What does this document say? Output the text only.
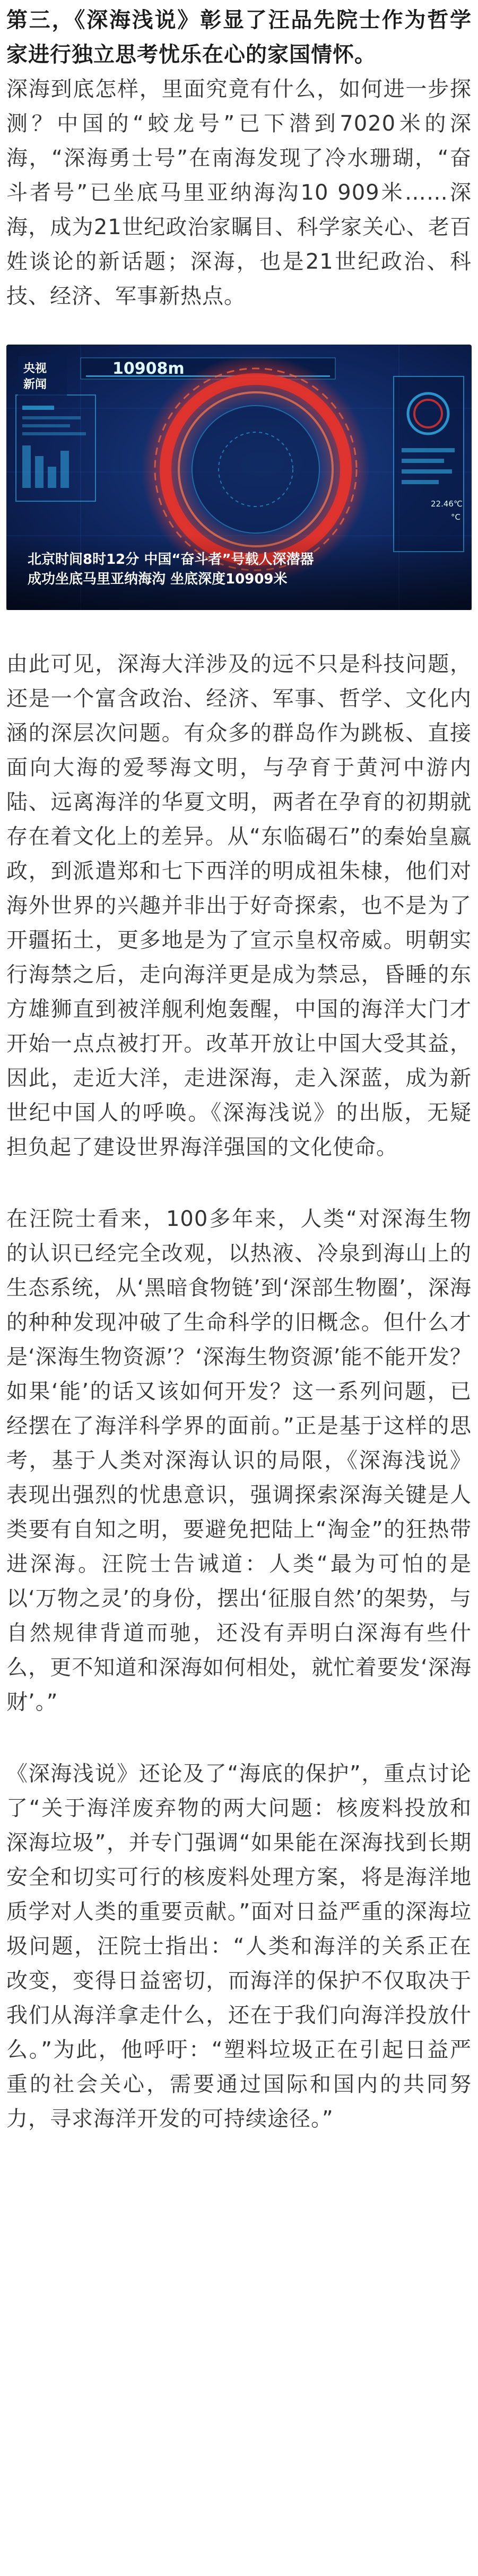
第三，《深海浅说》彰显了汪品先院士作为哲学家进行独立思考忧乐在心的家国情怀。

深海到底怎样，里面究竟有什么，如何进一步探测？中国的“蛟龙号”已下潜到7020米的深海，“深海勇士号”在南海发现了冷水珊瑚，“奋斗者号”已坐底马里亚纳海沟10 909米……深海，成为21世纪政治家瞩目、科学家关心、老百姓谈论的新话题；深海，也是21世纪政治、科技、经济、军事新热点。

10908m
22.46℃
°C
央视
新闻
北京时间8时12分 中国“奋斗者”号载人深潜器
成功坐底马里亚纳海沟 坐底深度10909米

由此可见，深海大洋涉及的远不只是科技问题，还是一个富含政治、经济、军事、哲学、文化内涵的深层次问题。有众多的群岛作为跳板、直接面向大海的爱琴海文明，与孕育于黄河中游内陆、远离海洋的华夏文明，两者在孕育的初期就存在着文化上的差异。从“东临碣石”的秦始皇嬴政，到派遣郑和七下西洋的明成祖朱棣，他们对海外世界的兴趣并非出于好奇探索，也不是为了开疆拓土，更多地是为了宣示皇权帝威。明朝实行海禁之后，走向海洋更是成为禁忌，昏睡的东方雄狮直到被洋舰利炮轰醒，中国的海洋大门才开始一点点被打开。改革开放让中国大受其益，因此，走近大洋，走进深海，走入深蓝，成为新世纪中国人的呼唤。《深海浅说》的出版，无疑担负起了建设世界海洋强国的文化使命。

在汪院士看来，100多年来，人类“对深海生物的认识已经完全改观，以热液、冷泉到海山上的生态系统，从‘黑暗食物链’到‘深部生物圈’，深海的种种发现冲破了生命科学的旧概念。但什么才是‘深海生物资源’？‘深海生物资源’能不能开发？如果‘能’的话又该如何开发？这一系列问题，已经摆在了海洋科学界的面前。”正是基于这样的思考，基于人类对深海认识的局限，《深海浅说》表现出强烈的忧患意识，强调探索深海关键是人类要有自知之明，要避免把陆上“淘金”的狂热带进深海。汪院士告诫道：人类“最为可怕的是以‘万物之灵’的身份，摆出‘征服自然’的架势，与自然规律背道而驰，还没有弄明白深海有些什么，更不知道和深海如何相处，就忙着要发‘深海财’。”

《深海浅说》还论及了“海底的保护”，重点讨论了“关于海洋废弃物的两大问题：核废料投放和深海垃圾”，并专门强调“如果能在深海找到长期安全和切实可行的核废料处理方案，将是海洋地质学对人类的重要贡献。”面对日益严重的深海垃圾问题，汪院士指出：“人类和海洋的关系正在改变，变得日益密切，而海洋的保护不仅取决于我们从海洋拿走什么，还在于我们向海洋投放什么。”为此，他呼吁：“塑料垃圾正在引起日益严重的社会关心，需要通过国际和国内的共同努力，寻求海洋开发的可持续途径。”
